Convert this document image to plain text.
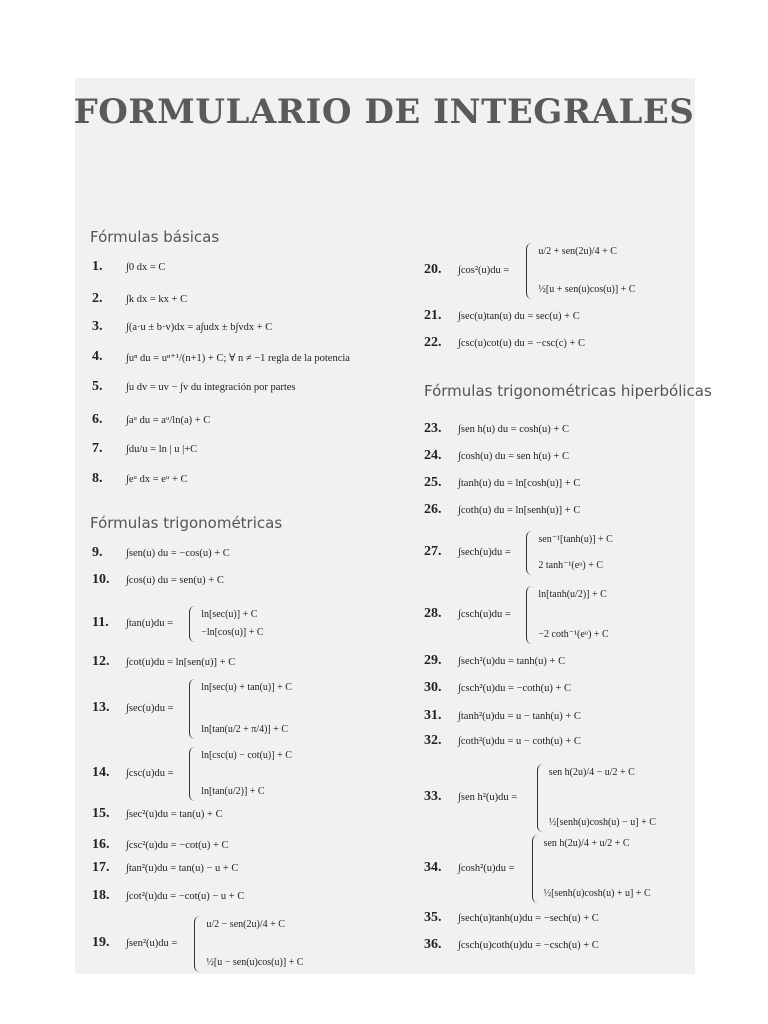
FORMULARIO DE INTEGRALES
Fórmulas básicas
Fórmulas trigonométricas
Fórmulas trigonométricas hiperbólicas
1. ∫0 dx = C
2. ∫k dx = kx + C
3. ∫(a·u ± b·v)dx = a∫udx ± b∫vdx + C
4. ∫uⁿ du = uⁿ⁺¹/(n+1) + C; ∀ n ≠ −1 regla de la potencia
5. ∫u dv = uv − ∫v du integración por partes
6. ∫aᵘ du = aᵘ/ln(a) + C
7. ∫du/u = ln | u |+C
8. ∫eᵘ dx = eᵘ + C
9. ∫sen(u) du = −cos(u) + C
10. ∫cos(u) du = sen(u) + C
11. ∫tan(u)du =
ln[sec(u)] + C
−ln[cos(u)] + C
12. ∫cot(u)du = ln[sen(u)] + C
13. ∫sec(u)du =
ln[sec(u) + tan(u)] + C
ln[tan(u/2 + π/4)] + C
14. ∫csc(u)du =
ln[csc(u) − cot(u)] + C
ln[tan(u/2)] + C
15. ∫sec²(u)du = tan(u) + C
16. ∫csc²(u)du = −cot(u) + C
17. ∫tan²(u)du = tan(u) − u + C
18. ∫cot²(u)du = −cot(u) − u + C
19. ∫sen²(u)du =
u/2 − sen(2u)/4 + C
½[u − sen(u)cos(u)] + C
20. ∫cos²(u)du =
u/2 + sen(2u)/4 + C
½[u + sen(u)cos(u)] + C
21. ∫sec(u)tan(u) du = sec(u) + C
22. ∫csc(u)cot(u) du = −csc(c) + C
23. ∫sen h(u) du = cosh(u) + C
24. ∫cosh(u) du = sen h(u) + C
25. ∫tanh(u) du = ln[cosh(u)] + C
26. ∫coth(u) du = ln[senh(u)] + C
27. ∫sech(u)du =
sen⁻¹[tanh(u)] + C
2 tanh⁻¹(eᵘ) + C
28. ∫csch(u)du =
ln[tanh(u/2)] + C
−2 coth⁻¹(eᵘ) + C
29. ∫sech²(u)du = tanh(u) + C
30. ∫csch²(u)du = −coth(u) + C
31. ∫tanh²(u)du = u − tanh(u) + C
32. ∫coth²(u)du = u − coth(u) + C
33. ∫sen h²(u)du =
sen h(2u)/4 − u/2 + C
½[senh(u)cosh(u) − u] + C
34. ∫cosh²(u)du =
sen h(2u)/4 + u/2 + C
½[senh(u)cosh(u) + u] + C
35. ∫sech(u)tanh(u)du = −sech(u) + C
36. ∫csch(u)coth(u)du = −csch(u) + C
